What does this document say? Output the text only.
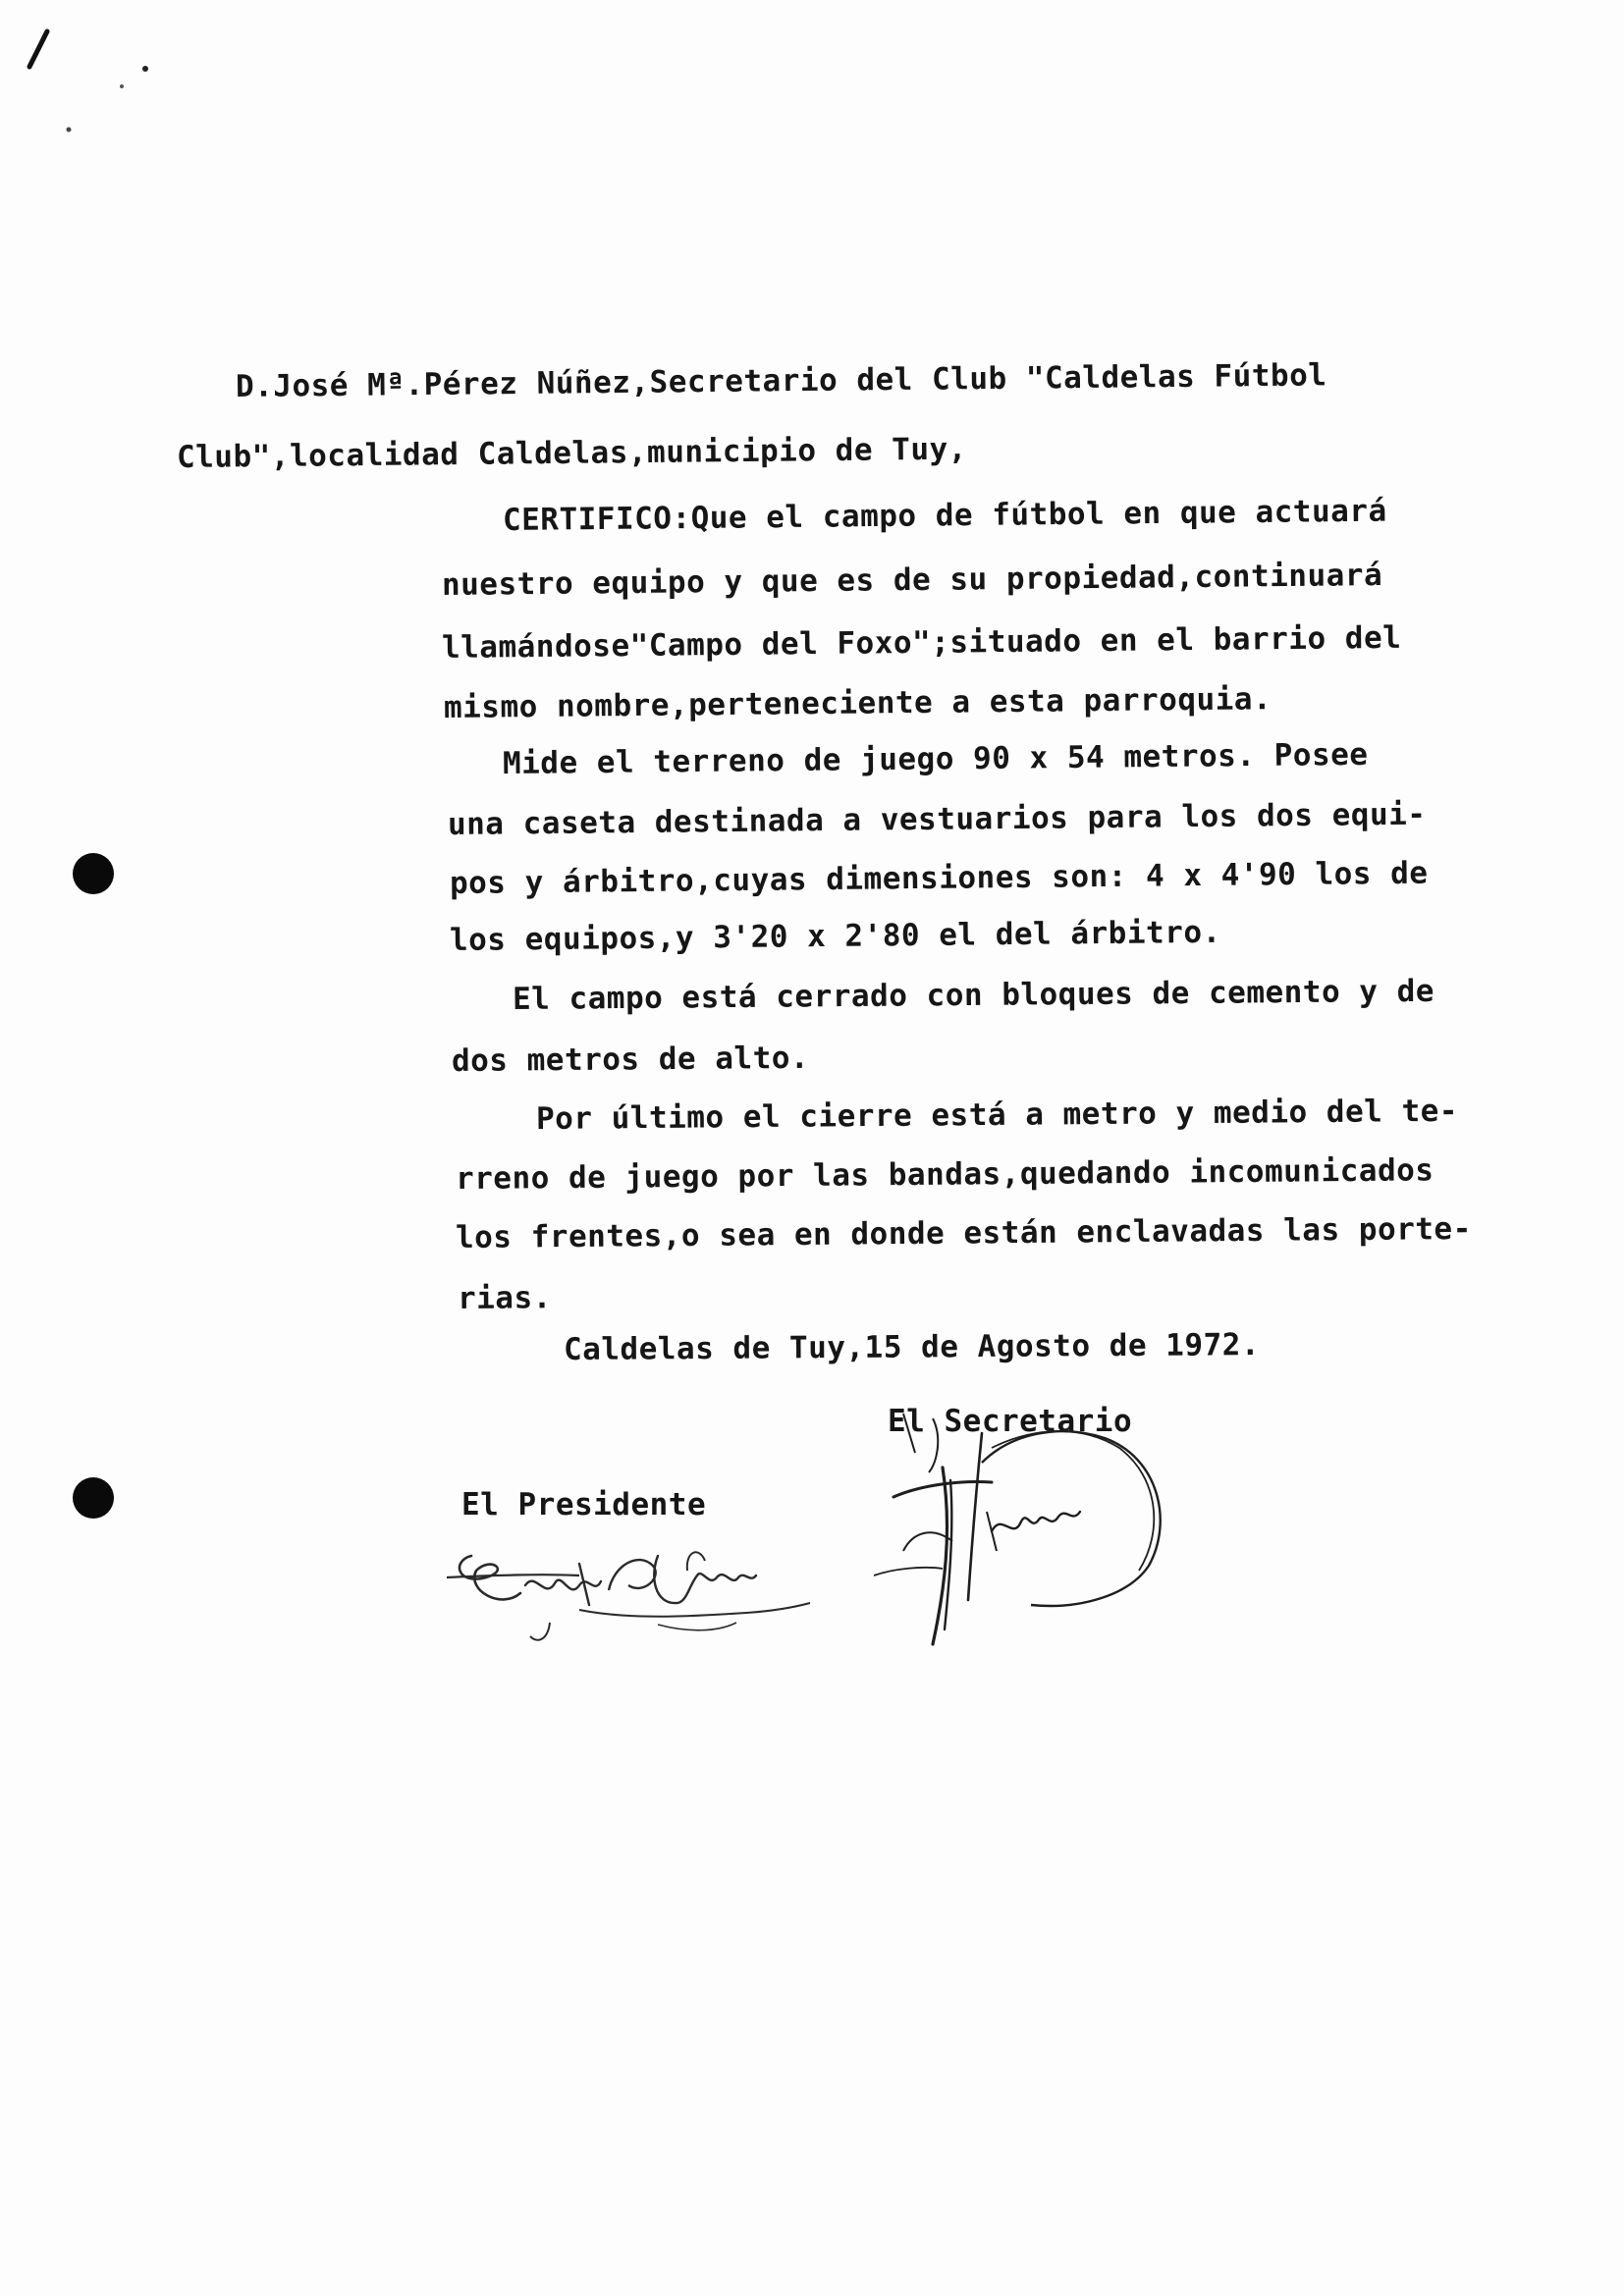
D.José Mª.Pérez Núñez,Secretario del Club "Caldelas Fútbol
Club",localidad Caldelas,municipio de Tuy,
CERTIFICO:Que el campo de fútbol en que actuará
nuestro equipo y que es de su propiedad,continuará
llamándose"Campo del Foxo";situado en el barrio del
mismo nombre,perteneciente a esta parroquia.
Mide el terreno de juego 90 x 54 metros. Posee
una caseta destinada a vestuarios para los dos equi-
pos y árbitro,cuyas dimensiones son: 4 x 4'90 los de
los equipos,y 3'20 x 2'80 el del árbitro.
El campo está cerrado con bloques de cemento y de
dos metros de alto.
Por último el cierre está a metro y medio del te-
rreno de juego por las bandas,quedando incomunicados
los frentes,o sea en donde están enclavadas las porte-
rias.
Caldelas de Tuy,15 de Agosto de 1972.
El Secretario
El Presidente
